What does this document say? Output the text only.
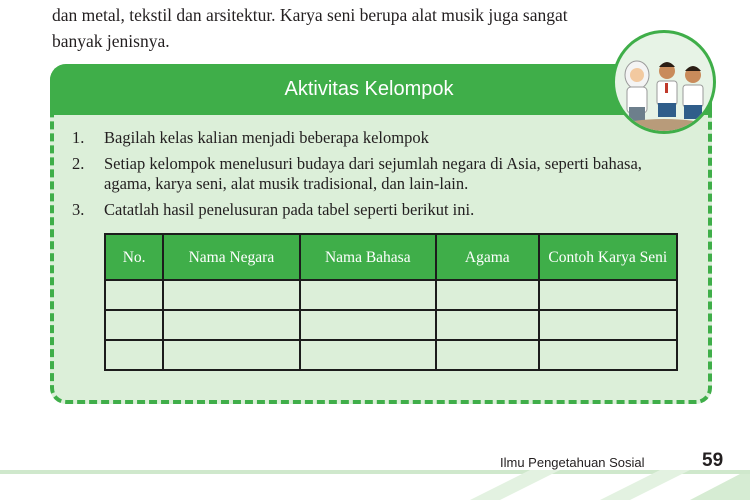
dan metal, tekstil dan arsitektur. Karya seni berupa alat musik juga sangat
banyak jenisnya.

Aktivitas Kelompok
1.	Bagilah kelas kalian menjadi beberapa kelompok
2.	Setiap kelompok menelusuri budaya dari sejumlah negara di Asia, seperti bahasa, agama, karya seni, alat musik tradisional, dan lain-lain.
3.	Catatlah hasil penelusuran pada tabel seperti berikut ini.
No.	Nama Negara	Nama Bahasa	Agama	Contoh Karya Seni

Ilmu Pengetahuan Sosial	59
